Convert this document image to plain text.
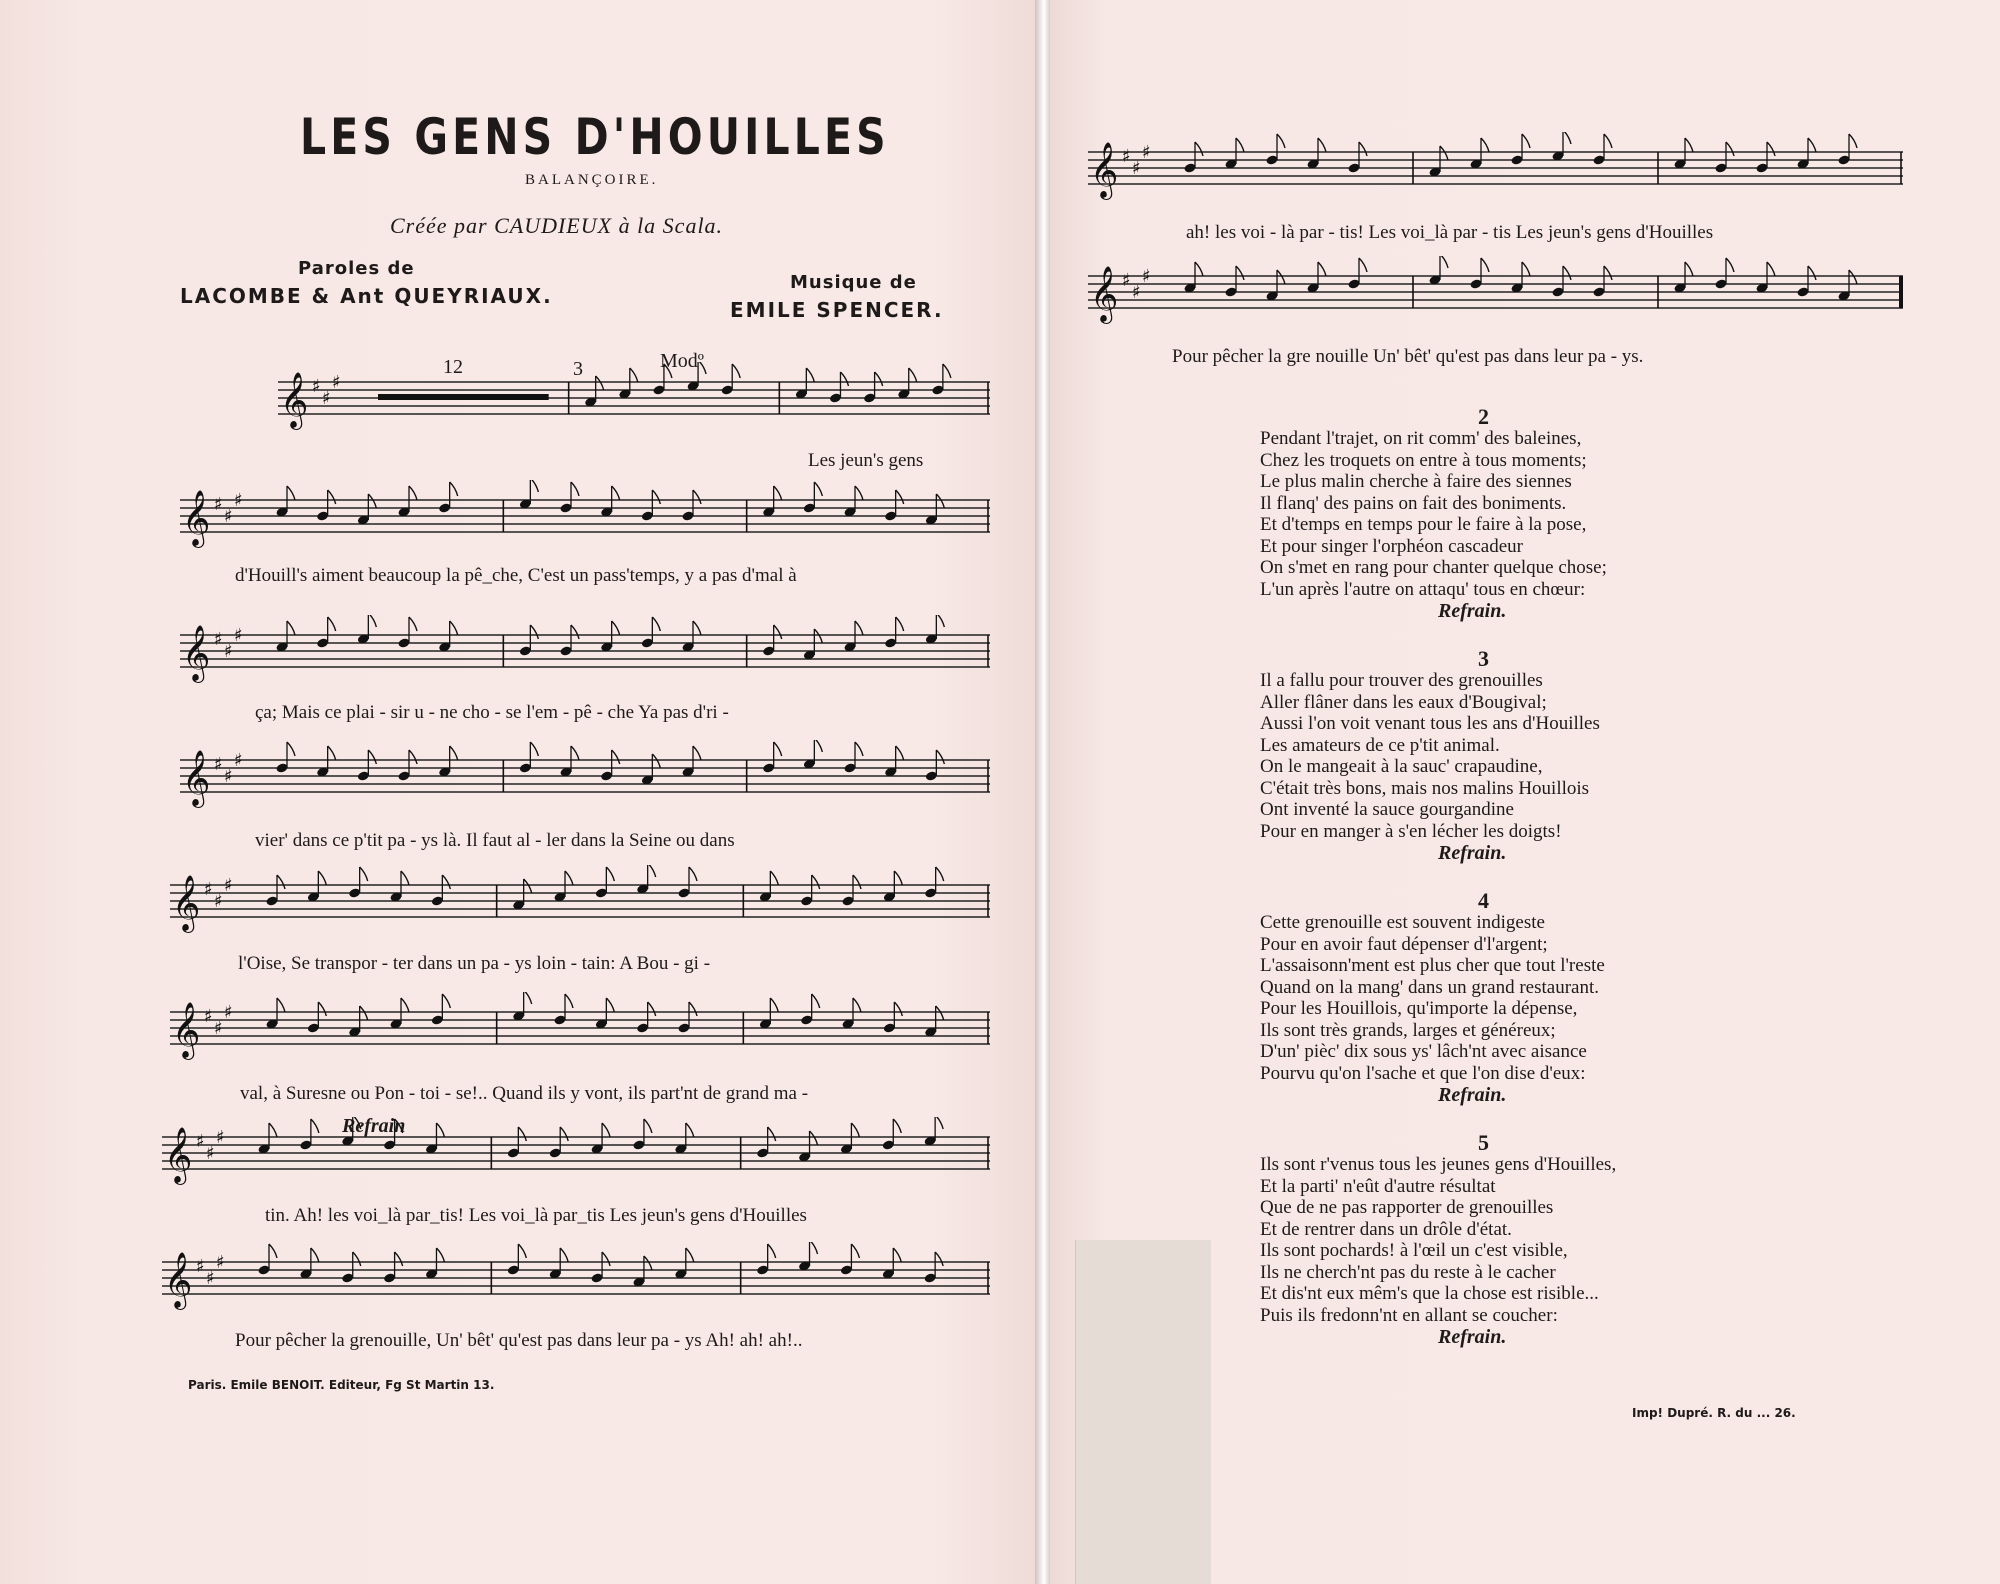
LES GENS D'HOUILLES
BALANÇOIRE.
Créée par CAUDIEUX à la Scala.
Paroles de
LACOMBE & Ant QUEYRIAUX.
Musique de
EMILE SPENCER.
12	3	Modº
Refrain
𝄞 ♯
♯
♯
𝄞 ♯
♯
♯
𝄞 ♯
♯
♯
𝄞 ♯
♯
♯
𝄞 ♯
♯
♯
𝄞 ♯
♯
♯
𝄞 ♯
♯
♯
𝄞 ♯
♯
♯
𝄞 ♯
♯
♯
𝄞 ♯
♯
♯
Les jeun's gens
d'Houill's aiment beaucoup la pê_che, C'est un pass'temps, y a pas d'mal à
ça; Mais ce plai - sir u - ne cho - se l'em - pê - che Ya pas d'ri -
vier' dans ce p'tit pa - ys là. Il faut al - ler dans la Seine ou dans
l'Oise, Se transpor - ter dans un pa - ys loin - tain: A Bou - gi -
val, à Suresne ou Pon - toi - se!.. Quand ils y vont, ils part'nt de grand ma -
tin. Ah! les voi_là par_tis! Les voi_là par_tis Les jeun's gens d'Houilles
Pour pêcher la grenouille, Un' bêt' qu'est pas dans leur pa - ys Ah! ah! ah!..
Paris. Emile BENOIT. Editeur, Fg St Martin 13.
ah! les voi - là par - tis! Les voi_là par - tis Les jeun's gens d'Houilles
Pour pêcher la gre nouille Un' bêt' qu'est pas dans leur pa - ys.
2
Pendant l'trajet, on rit comm' des baleines,
Chez les troquets on entre à tous moments;
Le plus malin cherche à faire des siennes
Il flanq' des pains on fait des boniments.
Et d'temps en temps pour le faire à la pose,
Et pour singer l'orphéon cascadeur
On s'met en rang pour chanter quelque chose;
L'un après l'autre on attaqu' tous en chœur:
Refrain.
3
Il a fallu pour trouver des grenouilles
Aller flâner dans les eaux d'Bougival;
Aussi l'on voit venant tous les ans d'Houilles
Les amateurs de ce p'tit animal.
On le mangeait à la sauc' crapaudine,
C'était très bons, mais nos malins Houillois
Ont inventé la sauce gourgandine
Pour en manger à s'en lécher les doigts!
Refrain.
4
Cette grenouille est souvent indigeste
Pour en avoir faut dépenser d'l'argent;
L'assaisonn'ment est plus cher que tout l'reste
Quand on la mang' dans un grand restaurant.
Pour les Houillois, qu'importe la dépense,
Ils sont très grands, larges et généreux;
D'un' pièc' dix sous ys' lâch'nt avec aisance
Pourvu qu'on l'sache et que l'on dise d'eux:
Refrain.
5
Ils sont r'venus tous les jeunes gens d'Houilles,
Et la parti' n'eût d'autre résultat
Que de ne pas rapporter de grenouilles
Et de rentrer dans un drôle d'état.
Ils sont pochards! à l'œil un c'est visible,
Ils ne cherch'nt pas du reste à le cacher
Et dis'nt eux mêm's que la chose est risible...
Puis ils fredonn'nt en allant se coucher:
Refrain.
Imp! Dupré. R. du ... 26.
